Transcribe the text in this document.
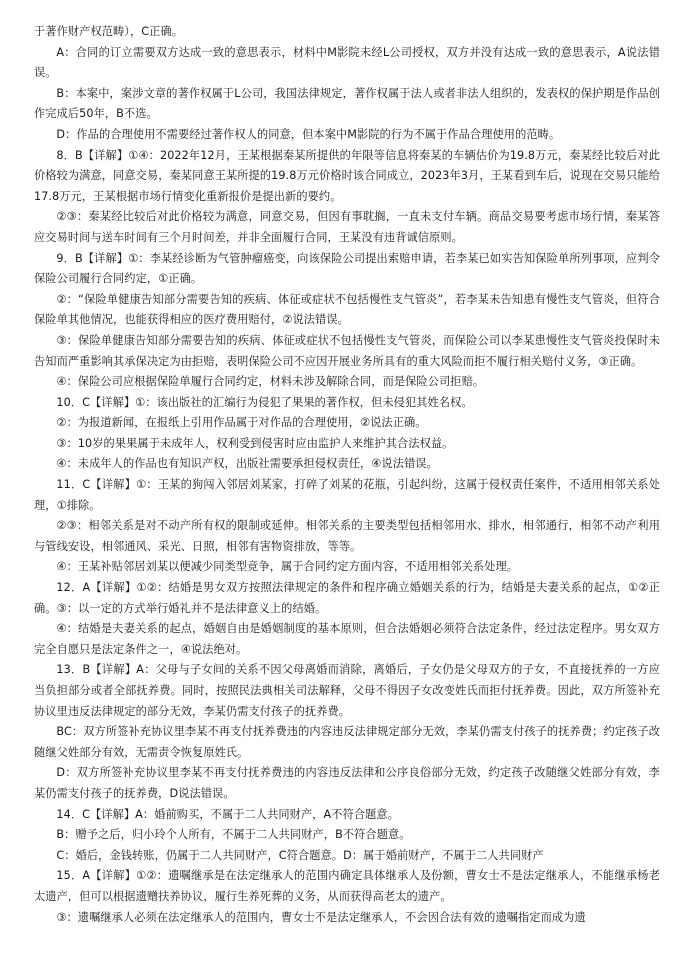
于著作财产权范畴），C正确。

A：合同的订立需要双方达成一致的意思表示，材料中M影院未经L公司授权，双方并没有达成一致的意思表示，A说法错误。

B：本案中，案涉文章的著作权属于L公司，我国法律规定，著作权属于法人或者非法人组织的，发表权的保护期是作品创作完成后50年，B不选。

D：作品的合理使用不需要经过著作权人的同意，但本案中M影院的行为不属于作品合理使用的范畴。

8．B【详解】①④：2022年12月，王某根据秦某所提供的年限等信息将秦某的车辆估价为19.8万元，秦某经比较后对此价格较为满意，同意交易，秦某同意王某所提的19.8万元价格时该合同成立，2023年3月，王某看到车后，说现在交易只能给17.8万元，王某根据市场行情变化重新报价是提出新的要约。

②③：秦某经比较后对此价格较为满意，同意交易，但因有事耽搁，一直未支付车辆。商品交易要考虑市场行情，秦某答应交易时间与送车时间有三个月时间差，并非全面履行合同，王某没有违背诚信原则。

9．B【详解】①：李某经诊断为气管肿瘤癌变，向该保险公司提出索赔申请，若李某已如实告知保险单所列事项，应判令保险公司履行合同约定，①正确。

②：“保险单健康告知部分需要告知的疾病、体征或症状不包括慢性支气管炎”，若李某未告知患有慢性支气管炎，但符合保险单其他情况，也能获得相应的医疗费用赔付，②说法错误。

③：保险单健康告知部分需要告知的疾病、体征或症状不包括慢性支气管炎，而保险公司以李某患慢性支气管炎投保时未告知而严重影响其承保决定为由拒赔，表明保险公司不应因开展业务所具有的重大风险而拒不履行相关赔付义务，③正确。

④：保险公司应根据保险单履行合同约定，材料未涉及解除合同，而是保险公司拒赔。

10．C【详解】①：该出版社的汇编行为侵犯了果果的著作权，但未侵犯其姓名权。

②：为报道新闻，在报纸上引用作品属于对作品的合理使用，②说法正确。

③：10岁的果果属于未成年人，权利受到侵害时应由监护人来维护其合法权益。

④：未成年人的作品也有知识产权，出版社需要承担侵权责任，④说法错误。

11．C【详解】①：王某的狗闯入邻居刘某家，打碎了刘某的花瓶，引起纠纷，这属于侵权责任案件，不适用相邻关系处理，①排除。

②③：相邻关系是对不动产所有权的限制或延伸。相邻关系的主要类型包括相邻用水、排水，相邻通行，相邻不动产利用与管线安设，相邻通风、采光、日照，相邻有害物资排放，等等。

④：王某补贴邻居刘某以便减少同类型竞争，属于合同约定方面内容，不适用相邻关系处理。

12．A【详解】①②：结婚是男女双方按照法律规定的条件和程序确立婚姻关系的行为，结婚是夫妻关系的起点，①②正确。③：以一定的方式举行婚礼并不是法律意义上的结婚。

④：结婚是夫妻关系的起点，婚姻自由是婚姻制度的基本原则，但合法婚姻必须符合法定条件，经过法定程序。男女双方完全自愿只是法定条件之一，④说法绝对。

13．B【详解】A：父母与子女间的关系不因父母离婚而消除，离婚后，子女仍是父母双方的子女，不直接抚养的一方应当负担部分或者全部抚养费。同时，按照民法典相关司法解释，父母不得因子女改变姓氏而拒付抚养费。因此，双方所签补充协议里违反法律规定的部分无效，李某仍需支付孩子的抚养费。

BC：双方所签补充协议里李某不再支付抚养费违的内容违反法律规定部分无效，李某仍需支付孩子的抚养费；约定孩子改随继父姓部分有效，无需责令恢复原姓氏。

D：双方所签补充协议里李某不再支付抚养费违的内容违反法律和公序良俗部分无效，约定孩子改随继父姓部分有效，李某仍需支付孩子的抚养费，D说法错误。

14．C【详解】A：婚前购买，不属于二人共同财产，A不符合题意。

B：赠予之后，归小玲个人所有，不属于二人共同财产，B不符合题意。

C：婚后，金钱转账，仍属于二人共同财产，C符合题意。D：属于婚前财产，不属于二人共同财产

15．A【详解】①②：遗嘱继承是在法定继承人的范围内确定具体继承人及份额，曹女士不是法定继承人，不能继承杨老太遗产，但可以根据遗赠扶养协议，履行生养死葬的义务，从而获得高老太的遗产。

③：遗嘱继承人必须在法定继承人的范围内，曹女士不是法定继承人，不会因合法有效的遗嘱指定而成为遗
